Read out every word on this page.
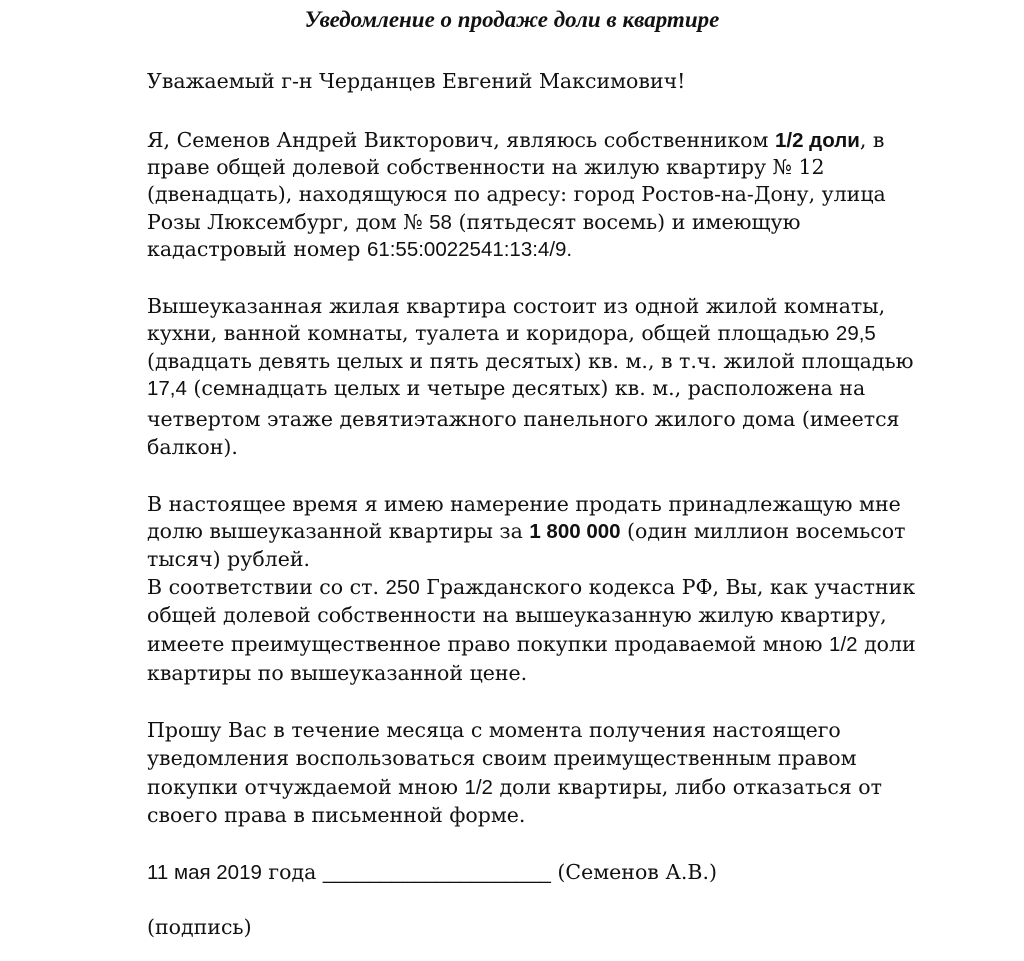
Уведомление о продаже доли в квартире
Уважаемый г-н Черданцев Евгений Максимович!
Я, Семенов Андрей Викторович, являюсь собственником 1/2 доли, в
праве общей долевой собственности на жилую квартиру № 12
(двенадцать), находящуюся по адресу: город Ростов-на-Дону, улица
Розы Люксембург, дом № 58 (пятьдесят восемь) и имеющую
кадастровый номер 61:55:0022541:13:4/9.
Вышеуказанная жилая квартира состоит из одной жилой комнаты,
кухни, ванной комнаты, туалета и коридора, общей площадью 29,5
(двадцать девять целых и пять десятых) кв. м., в т.ч. жилой площадью
17,4 (семнадцать целых и четыре десятых) кв. м., расположена на
четвертом этаже девятиэтажного панельного жилого дома (имеется
балкон).
В настоящее время я имею намерение продать принадлежащую мне
долю вышеуказанной квартиры за 1 800 000 (один миллион восемьсот
тысяч) рублей.
В соответствии со ст. 250 Гражданского кодекса РФ, Вы, как участник
общей долевой собственности на вышеуказанную жилую квартиру,
имеете преимущественное право покупки продаваемой мною 1/2 доли
квартиры по вышеуказанной цене.
Прошу Вас в течение месяца с момента получения настоящего
уведомления воспользоваться своим преимущественным правом
покупки отчуждаемой мною 1/2 доли квартиры, либо отказаться от
своего права в письменной форме.
11 мая 2019 года ____________________ (Семенов А.В.)
(подпись)
